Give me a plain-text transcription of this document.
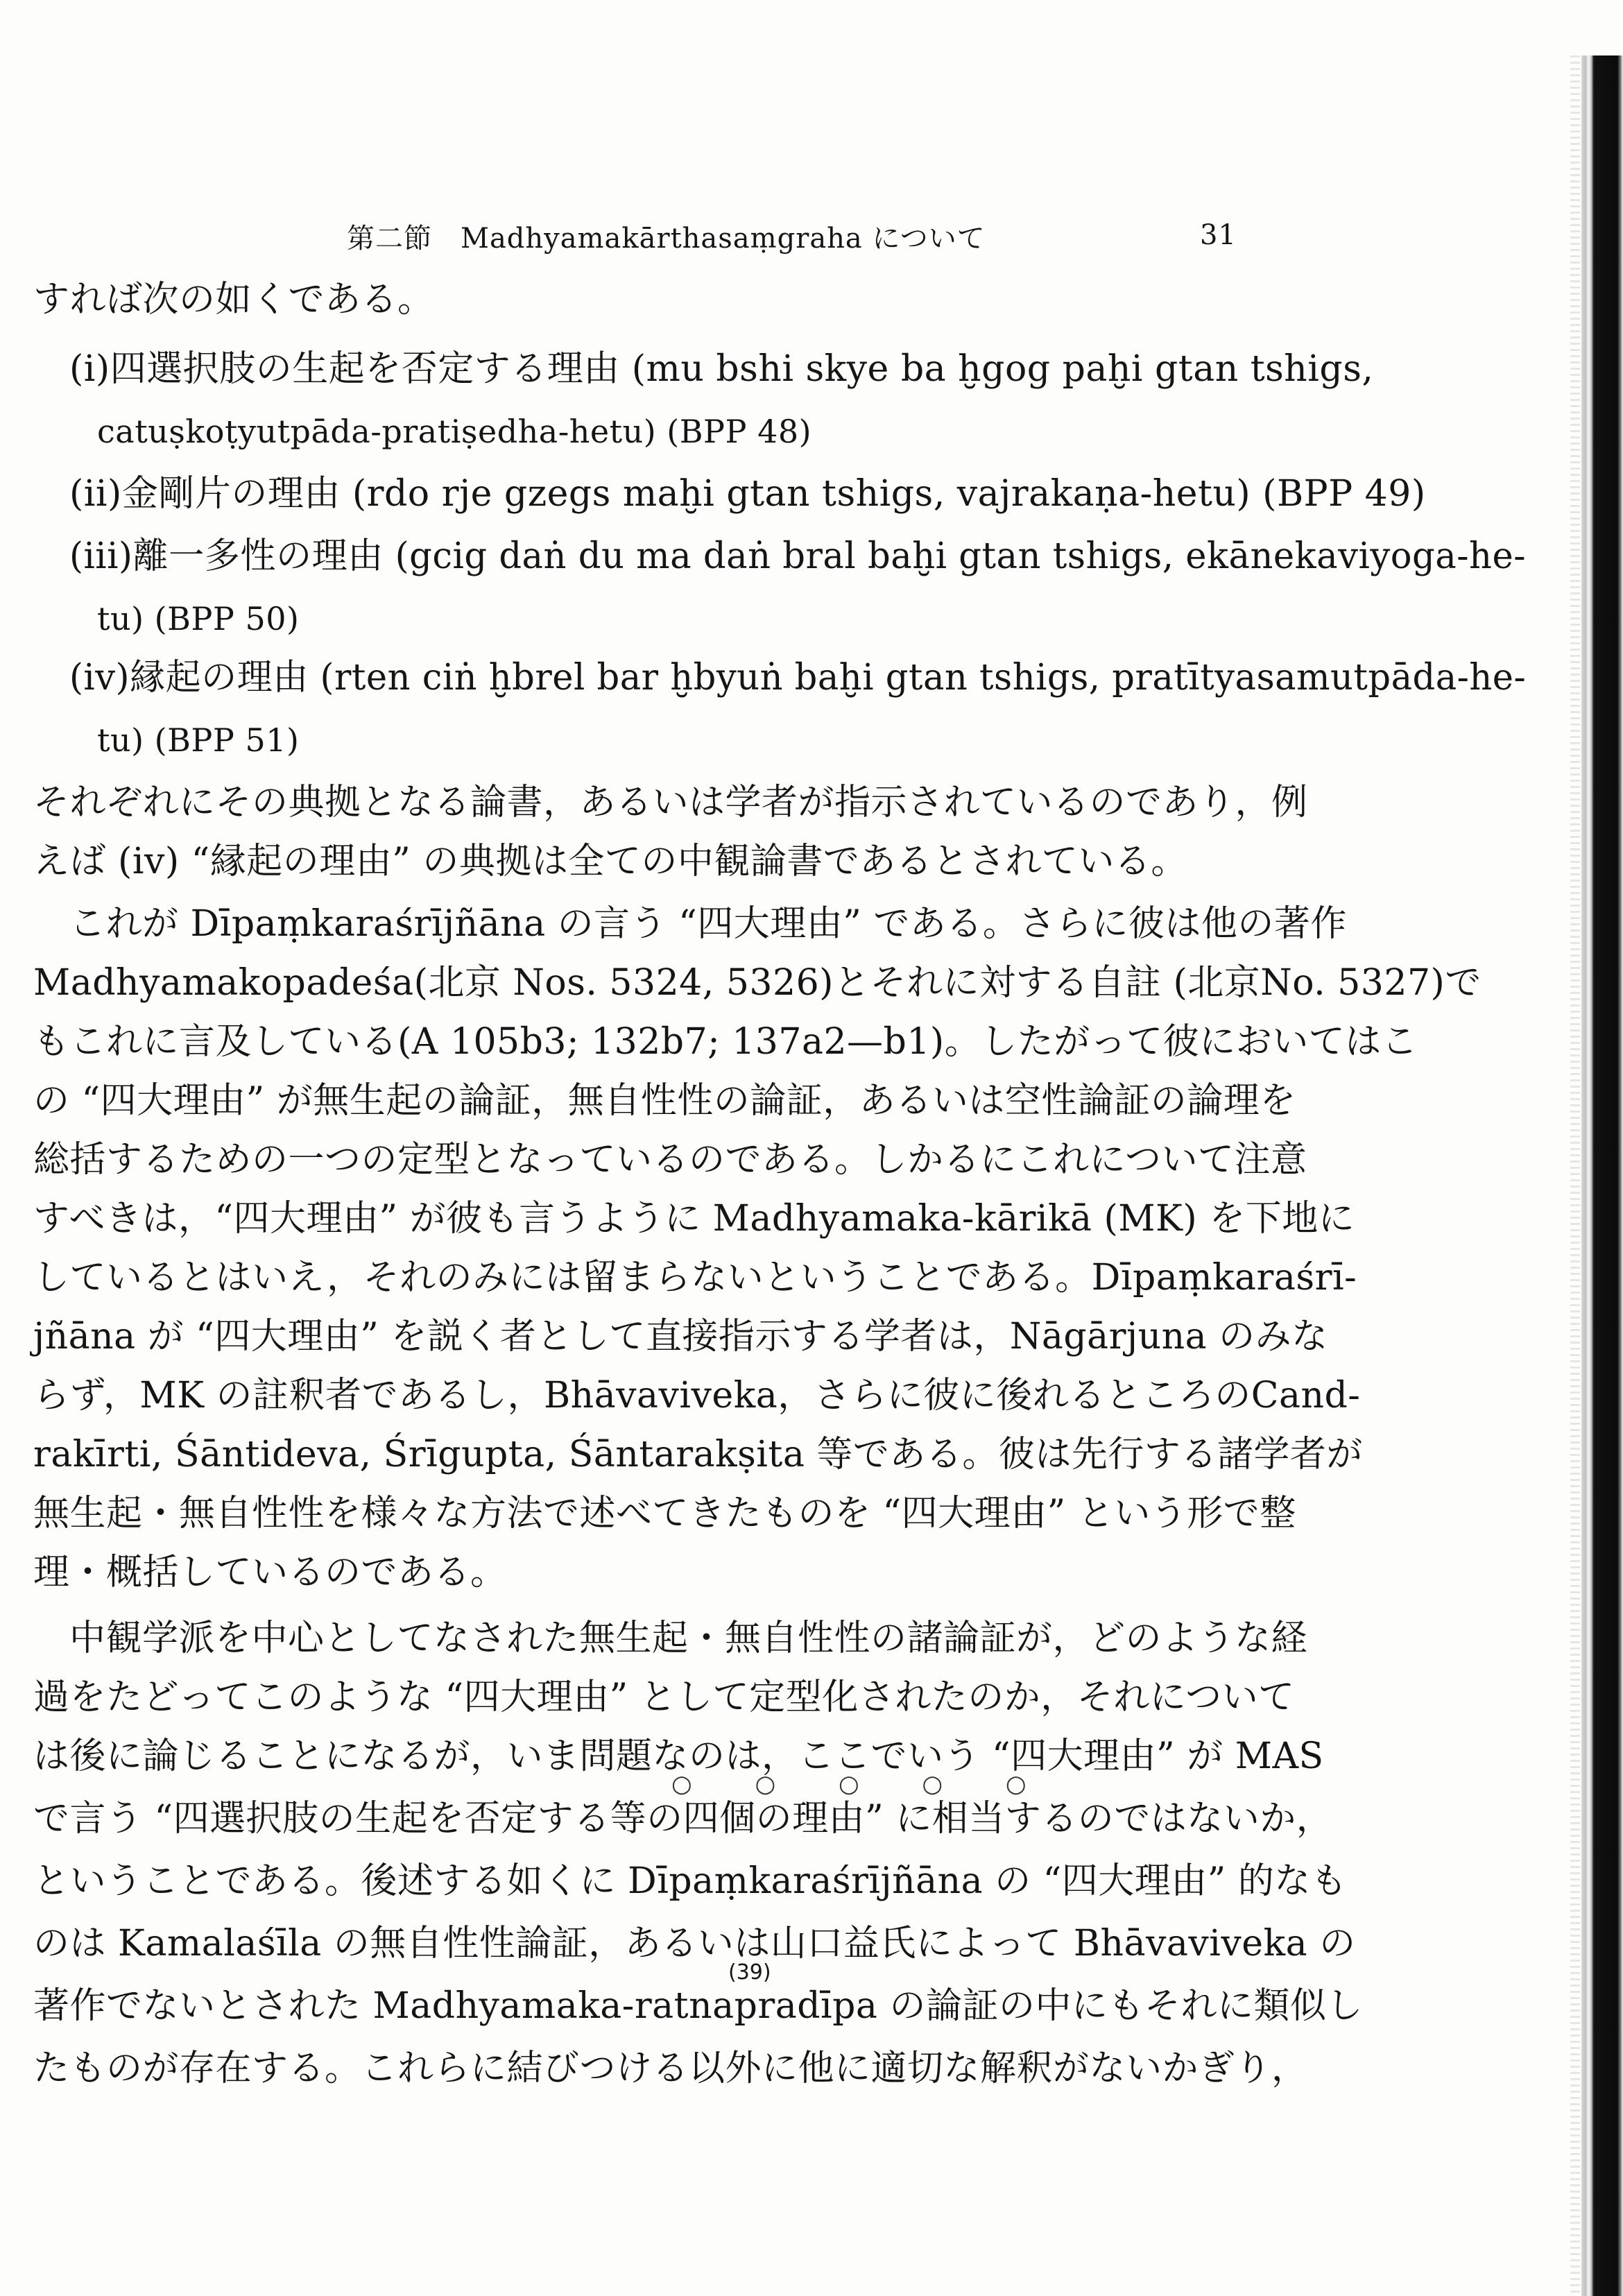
第二節　Madhyamakārthasaṃgraha について	31
すれば次の如くである。
(i)四選択肢の生起を否定する理由 (mu bshi skye ba ḫgog paḫi gtan tshigs,
catuṣkoṭyutpāda-pratiṣedha-hetu) (BPP 48)
(ii)金剛片の理由 (rdo rje gzegs maḫi gtan tshigs, vajrakaṇa-hetu) (BPP 49)
(iii)離一多性の理由 (gcig daṅ du ma daṅ bral baḫi gtan tshigs, ekānekaviyoga-he-
tu) (BPP 50)
(iv)縁起の理由 (rten ciṅ ḫbrel bar ḫbyuṅ baḫi gtan tshigs, pratītyasamutpāda-he-
tu) (BPP 51)
それぞれにその典拠となる論書，あるいは学者が指示されているのであり，例
えば (iv) “縁起の理由” の典拠は全ての中観論書であるとされている。
これが Dīpaṃkaraśrījñāna の言う “四大理由” である。さらに彼は他の著作
Madhyamakopadeśa(北京 Nos. 5324, 5326)とそれに対する自註 (北京No. 5327)で
もこれに言及している(A 105b3; 132b7; 137a2—b1)。したがって彼においてはこ
の “四大理由” が無生起の論証，無自性性の論証，あるいは空性論証の論理を
総括するための一つの定型となっているのである。しかるにこれについて注意
すべきは，“四大理由” が彼も言うように Madhyamaka-kārikā (MK) を下地に
しているとはいえ，それのみには留まらないということである。Dīpaṃkaraśrī-
jñāna が “四大理由” を説く者として直接指示する学者は，Nāgārjuna のみな
らず，MK の註釈者であるし，Bhāvaviveka，さらに彼に後れるところのCand-
rakīrti, Śāntideva, Śrīgupta, Śāntarakṣita 等である。彼は先行する諸学者が
無生起・無自性性を様々な方法で述べてきたものを “四大理由” という形で整
理・概括しているのである。
中観学派を中心としてなされた無生起・無自性性の諸論証が，どのような経
過をたどってこのような “四大理由” として定型化されたのか，それについて
は後に論じることになるが，いま問題なのは，ここでいう “四大理由” が MAS
○ ○ ○ ○ ○
で言う “四選択肢の生起を否定する等の四個の理由” に相当するのではないか，
ということである。後述する如くに Dīpaṃkaraśrījñāna の “四大理由” 的なも
のは Kamalaśīla の無自性性論証，あるいは山口益氏によって Bhāvaviveka の
(39)
著作でないとされた Madhyamaka-ratnapradīpa の論証の中にもそれに類似し
たものが存在する。これらに結びつける以外に他に適切な解釈がないかぎり，
